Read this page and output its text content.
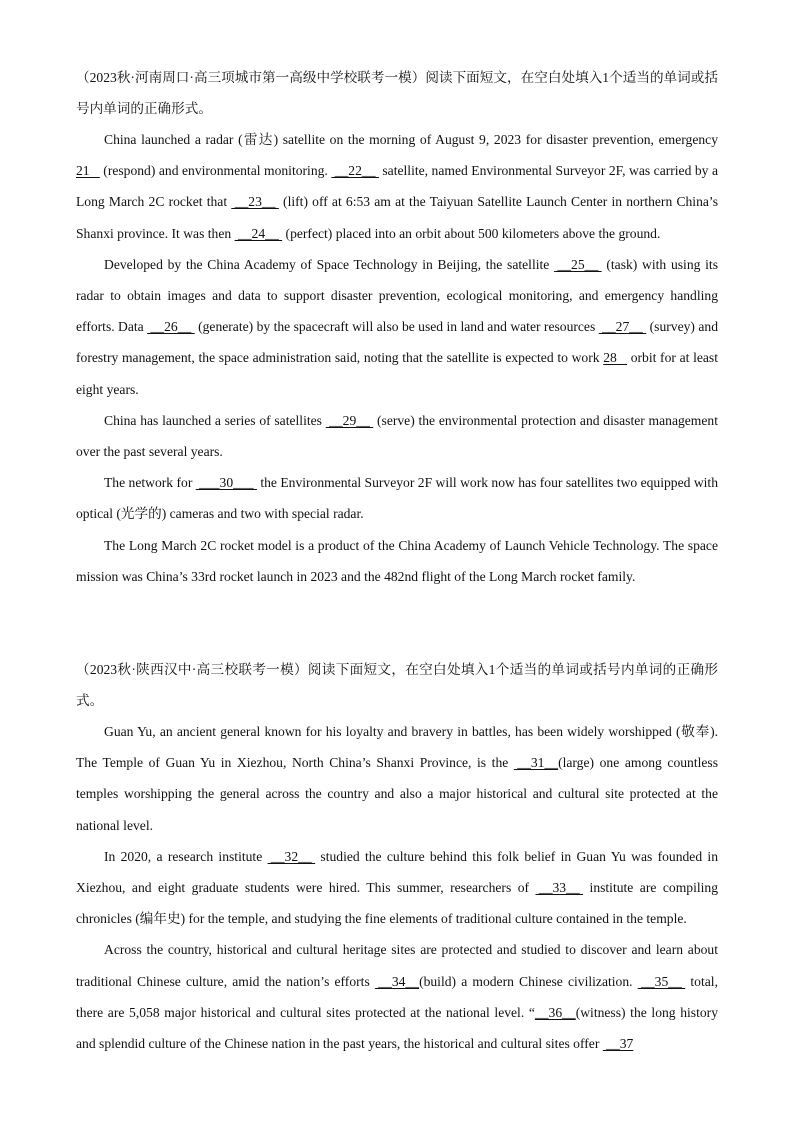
（2023秋·河南周口·高三项城市第一高级中学校联考一模）阅读下面短文，在空白处填入1个适当的单词或括号内单词的正确形式。

China launched a radar (雷达) satellite on the morning of August 9, 2023 for disaster prevention, emergency 21    (respond) and environmental monitoring.  __22__  satellite, named Environmental Surveyor 2F, was carried by a Long March 2C rocket that  __23__  (lift) off at 6:53 am at the Taiyuan Satellite Launch Center in northern China’s Shanxi province. It was then  __24__  (perfect) placed into an orbit about 500 kilometers above the ground.

Developed by the China Academy of Space Technology in Beijing, the satellite  __25__  (task) with using its radar to obtain images and data to support disaster prevention, ecological monitoring, and emergency handling efforts. Data  __26__  (generate) by the spacecraft will also be used in land and water resources  __27__  (survey) and forestry management, the space administration said, noting that the satellite is expected to work 28    orbit for at least eight years.

China has launched a series of satellites  __29__  (serve) the environmental protection and disaster management over the past several years.

The network for  ___30___  the Environmental Surveyor 2F will work now has four satellites two equipped with optical (光学的) cameras and two with special radar.

The Long March 2C rocket model is a product of the China Academy of Launch Vehicle Technology. The space mission was China’s 33rd rocket launch in 2023 and the 482nd flight of the Long March rocket family.

（2023秋·陕西汉中·高三校联考一模）阅读下面短文，在空白处填入1个适当的单词或括号内单词的正确形式。

Guan Yu, an ancient general known for his loyalty and bravery in battles, has been widely worshipped (敬奉). The Temple of Guan Yu in Xiezhou, North China’s Shanxi Province, is the  __31__(large) one among countless temples worshipping the general across the country and also a major historical and cultural site protected at the national level.

In 2020, a research institute  __32__  studied the culture behind this folk belief in Guan Yu was founded in Xiezhou, and eight graduate students were hired. This summer, researchers of  __33__  institute are compiling chronicles (编年史) for the temple, and studying the fine elements of traditional culture contained in the temple.

Across the country, historical and cultural heritage sites are protected and studied to discover and learn about traditional Chinese culture, amid the nation’s efforts  __34__(build) a modern Chinese civilization.  __35__  total, there are 5,058 major historical and cultural sites protected at the national level. “__36__(witness) the long history and splendid culture of the Chinese nation in the past years, the historical and cultural sites offer  __37
